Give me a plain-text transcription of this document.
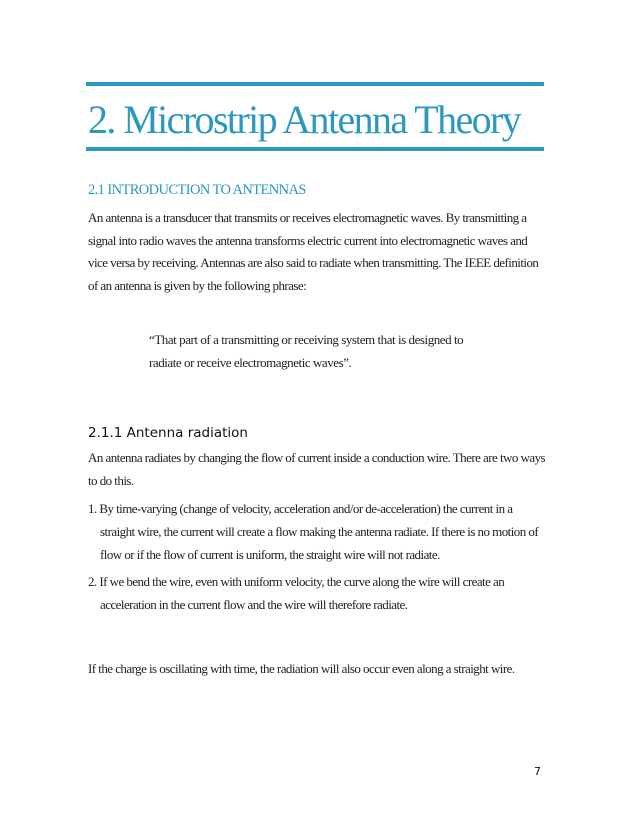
2. Microstrip Antenna Theory
2.1 INTRODUCTION TO ANTENNAS

An antenna is a transducer that transmits or receives electromagnetic waves. By transmitting a signal into radio waves the antenna transforms electric current into electromagnetic waves and vice versa by receiving. Antennas are also said to radiate when transmitting. The IEEE definition of an antenna is given by the following phrase:

“That part of a transmitting or receiving system that is designed to
radiate or receive electromagnetic waves”.
2.1.1 Antenna radiation

An antenna radiates by changing the flow of current inside a conduction wire. There are two ways to do this.

1. By time-varying (change of velocity, acceleration and/or de-acceleration) the current in a straight wire, the current will create a flow making the antenna radiate. If there is no motion of flow or if the flow of current is uniform, the straight wire will not radiate.

2. If we bend the wire, even with uniform velocity, the curve along the wire will create an acceleration in the current flow and the wire will therefore radiate.

If the charge is oscillating with time, the radiation will also occur even along a straight wire.

7
